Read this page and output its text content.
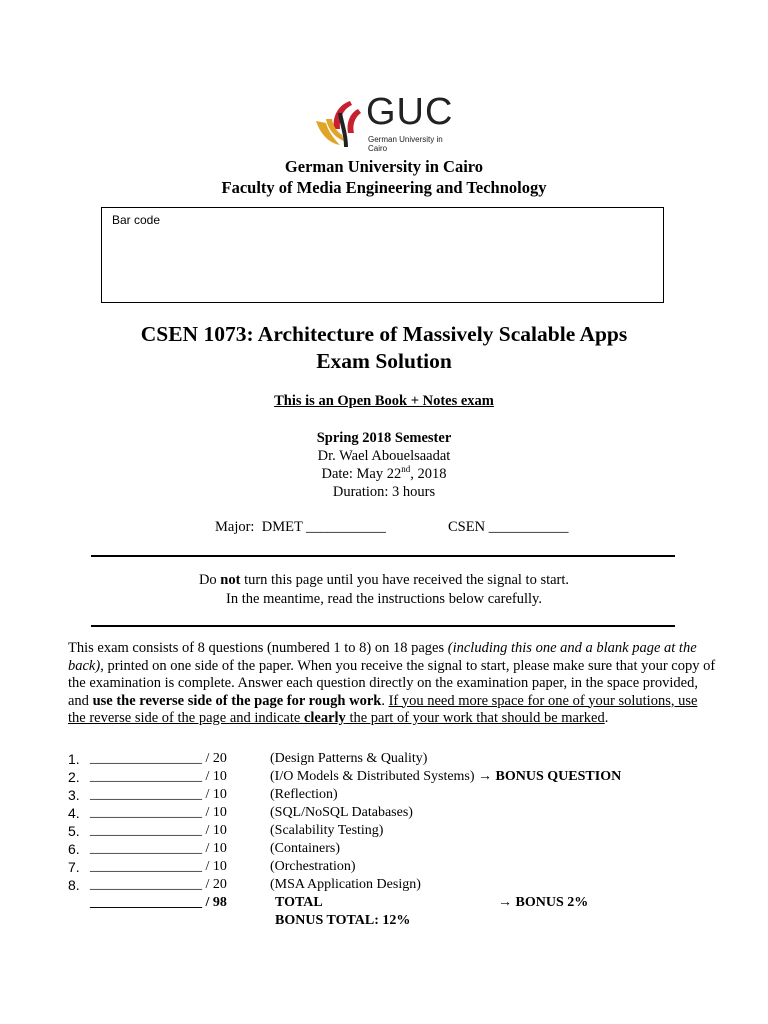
GUC
German University in Cairo
German University in Cairo
Faculty of Media Engineering and Technology
Bar code
CSEN 1073: Architecture of Massively Scalable Apps
Exam Solution
This is an Open Book + Notes exam
Spring 2018 Semester
Dr. Wael Abouelsaadat
Date: May 22nd, 2018
Duration: 3 hours
Major: DMET ___________	CSEN ___________
Do not turn this page until you have received the signal to start.
In the meantime, read the instructions below carefully.
This exam consists of 8 questions (numbered 1 to 8) on 18 pages (including this one and a blank page at the back), printed on one side of the paper. When you receive the signal to start, please make sure that your copy of the examination is complete. Answer each question directly on the examination paper, in the space provided, and use the reverse side of the page for rough work. If you need more space for one of your solutions, use the reverse side of the page and indicate clearly the part of your work that should be marked.
1. ________________ / 20	(Design Patterns & Quality)
2. ________________ / 10	(I/O Models & Distributed Systems) → BONUS QUESTION
3. ________________ / 10	(Reflection)
4. ________________ / 10	(SQL/NoSQL Databases)
5. ________________ / 10	(Scalability Testing)
6. ________________ / 10	(Containers)
7. ________________ / 10	(Orchestration)
8. ________________ / 20	(MSA Application Design)
________________ / 98	TOTAL	→ BONUS 2%
BONUS TOTAL: 12%
